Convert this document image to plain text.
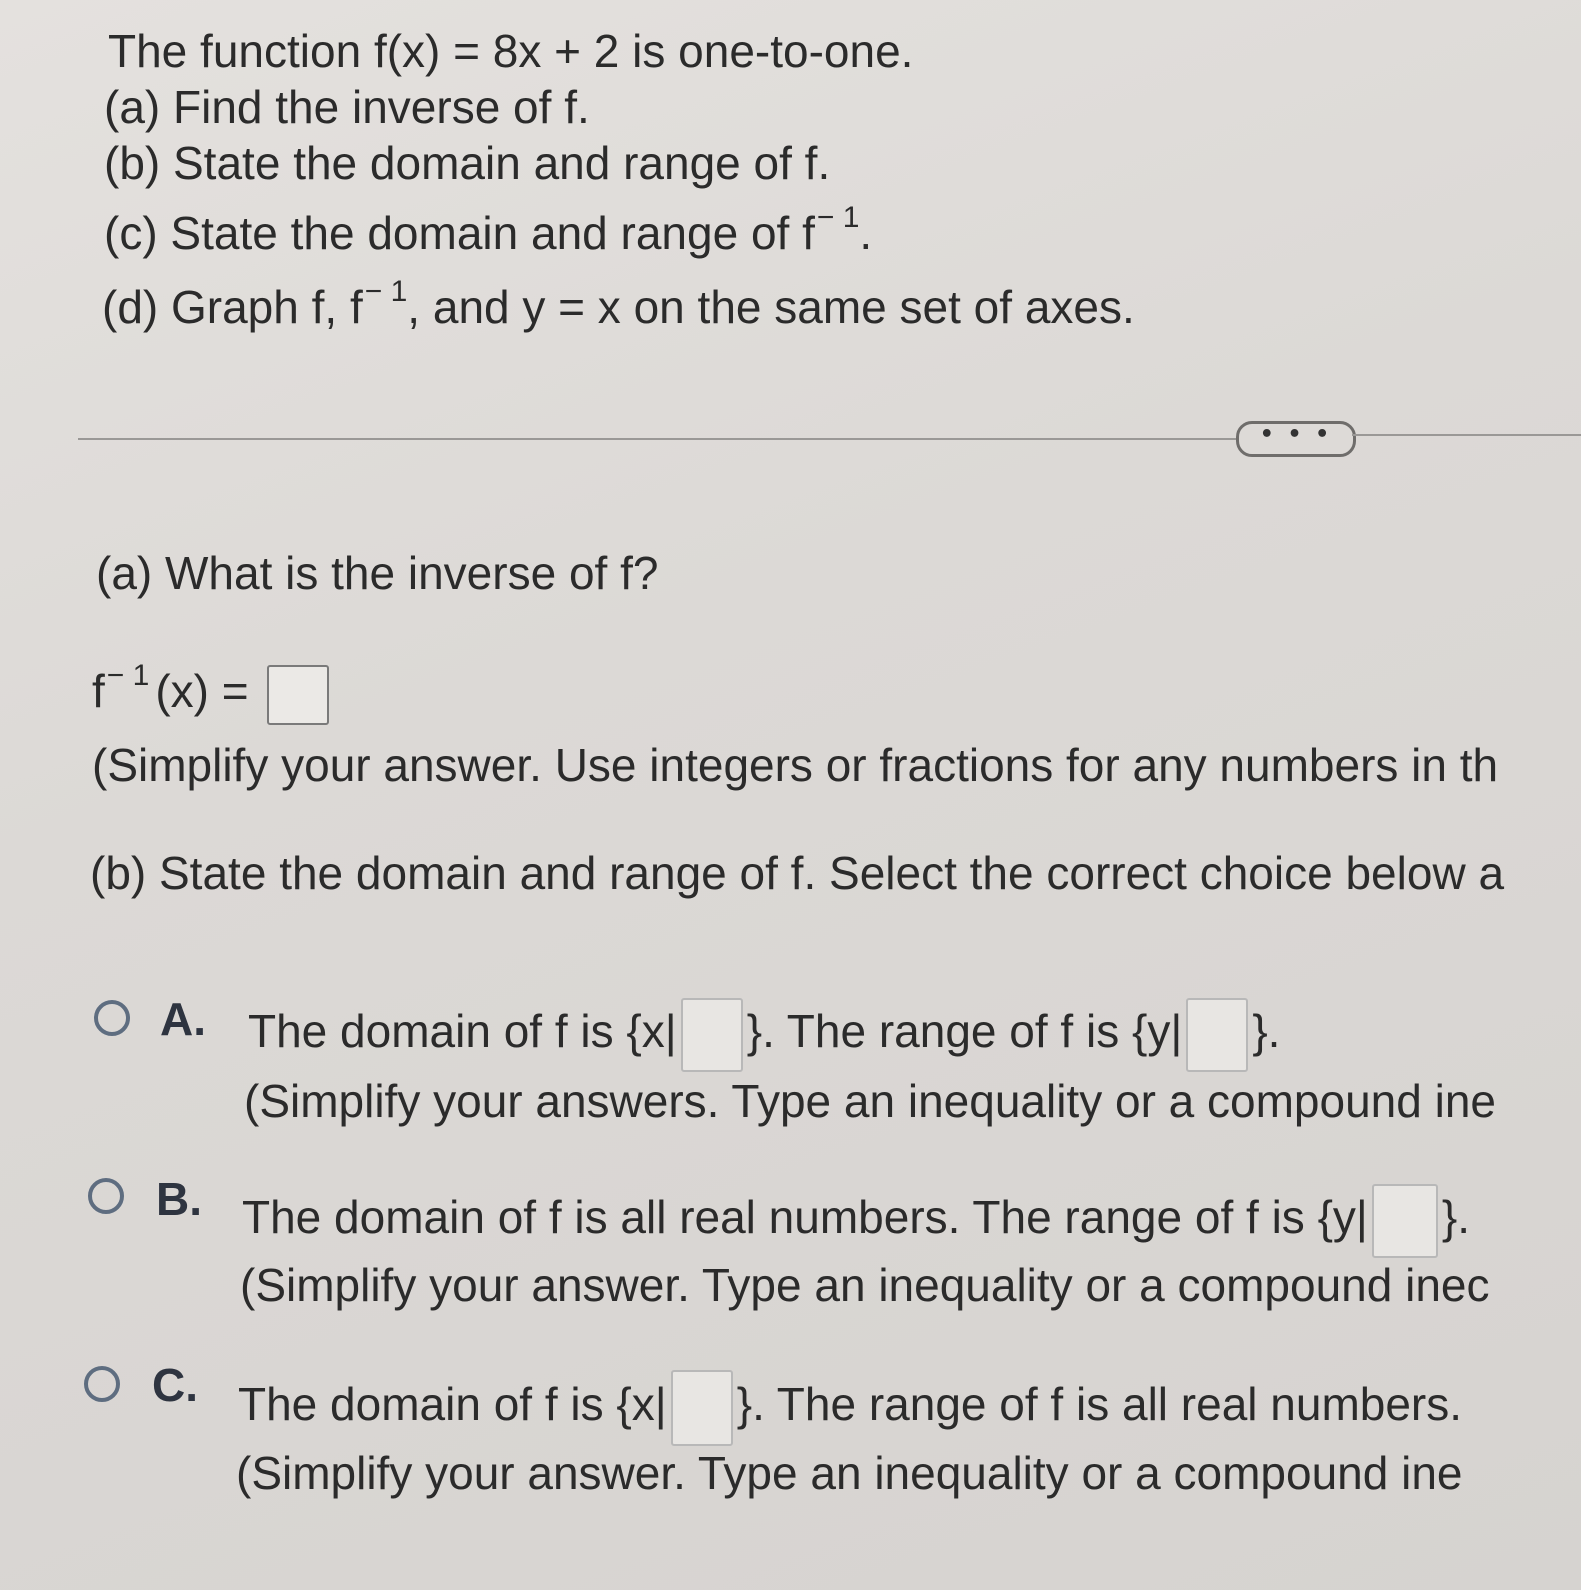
The function f(x) = 8x + 2 is one-to-one.
(a) Find the inverse of f.
(b) State the domain and range of f.
(c) State the domain and range of $f^{- 1}$.
(d) Graph f, $f^{- 1}$, and y = x on the same set of axes.
• • •
(a) What is the inverse of f?
$f^{- 1}$ (x) =
(Simplify your answer. Use integers or fractions for any numbers in th
(b) State the domain and range of f. Select the correct choice below a
A. The domain of f is {x| }. The range of f is {y| }.
(Simplify your answers. Type an inequality or a compound ine
B. The domain of f is all real numbers. The range of f is {y| }.
(Simplify your answer. Type an inequality or a compound inec
C. The domain of f is {x| }. The range of f is all real numbers.
(Simplify your answer. Type an inequality or a compound ine
